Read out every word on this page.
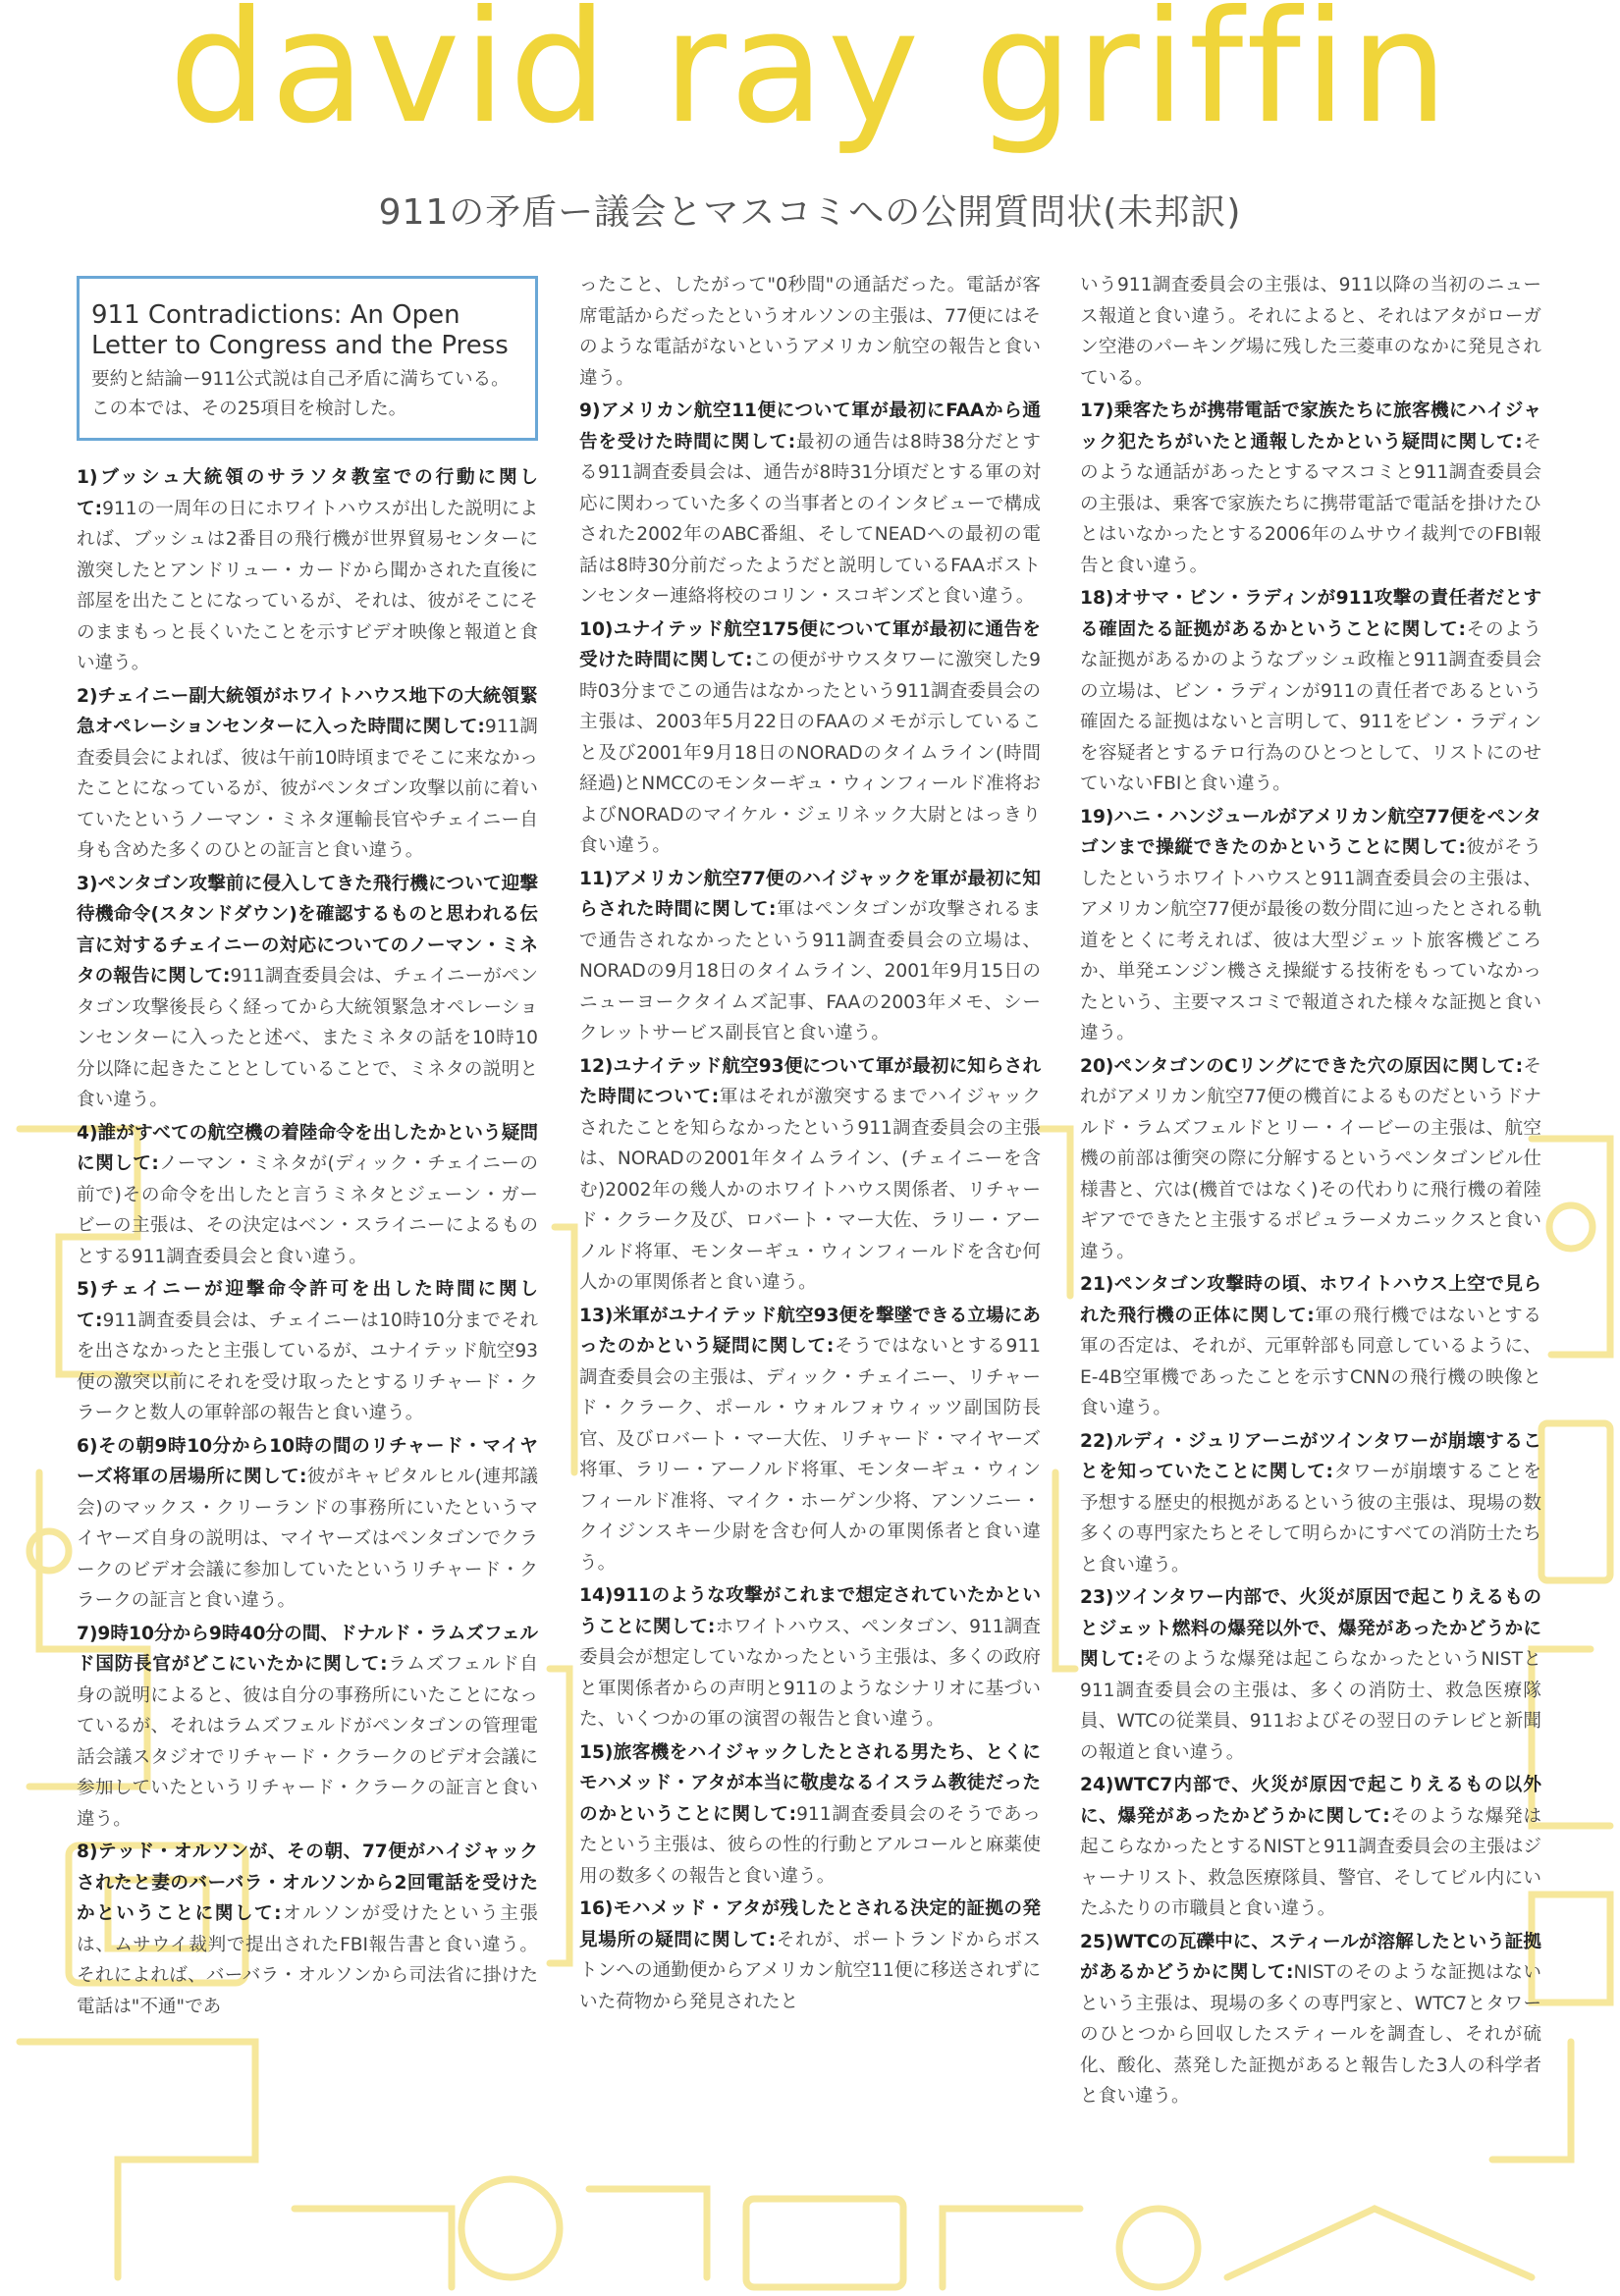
david ray griffin
911の矛盾ー議会とマスコミへの公開質問状(未邦訳)
911 Contradictions: An Open Letter to Congress and the Press
要約と結論ー911公式説は自己矛盾に満ちている。この本では、その25項目を検討した。

1)ブッシュ大統領のサラソタ教室での行動に関して:911の一周年の日にホワイトハウスが出した説明によれば、ブッシュは2番目の飛行機が世界貿易センターに激突したとアンドリュー・カードから聞かされた直後に部屋を出たことになっているが、それは、彼がそこにそのままもっと長くいたことを示すビデオ映像と報道と食い違う。

2)チェイニー副大統領がホワイトハウス地下の大統領緊急オペレーションセンターに入った時間に関して:911調査委員会によれば、彼は午前10時頃までそこに来なかったことになっているが、彼がペンタゴン攻撃以前に着いていたというノーマン・ミネタ運輸長官やチェイニー自身も含めた多くのひとの証言と食い違う。

3)ペンタゴン攻撃前に侵入してきた飛行機について迎撃待機命令(スタンドダウン)を確認するものと思われる伝言に対するチェイニーの対応についてのノーマン・ミネタの報告に関して:911調査委員会は、チェイニーがペンタゴン攻撃後長らく経ってから大統領緊急オペレーションセンターに入ったと述べ、またミネタの話を10時10分以降に起きたこととしていることで、ミネタの説明と食い違う。

4)誰がすべての航空機の着陸命令を出したかという疑問に関して:ノーマン・ミネタが(ディック・チェイニーの前で)その命令を出したと言うミネタとジェーン・ガービーの主張は、その決定はベン・スライニーによるものとする911調査委員会と食い違う。

5)チェイニーが迎撃命令許可を出した時間に関して:911調査委員会は、チェイニーは10時10分までそれを出さなかったと主張しているが、ユナイテッド航空93便の激突以前にそれを受け取ったとするリチャード・クラークと数人の軍幹部の報告と食い違う。

6)その朝9時10分から10時の間のリチャード・マイヤーズ将軍の居場所に関して:彼がキャピタルヒル(連邦議会)のマックス・クリーランドの事務所にいたというマイヤーズ自身の説明は、マイヤーズはペンタゴンでクラークのビデオ会議に参加していたというリチャード・クラークの証言と食い違う。

7)9時10分から9時40分の間、ドナルド・ラムズフェルド国防長官がどこにいたかに関して:ラムズフェルド自身の説明によると、彼は自分の事務所にいたことになっているが、それはラムズフェルドがペンタゴンの管理電話会議スタジオでリチャード・クラークのビデオ会議に参加していたというリチャード・クラークの証言と食い違う。

8)テッド・オルソンが、その朝、77便がハイジャックされたと妻のバーバラ・オルソンから2回電話を受けたかということに関して:オルソンが受けたという主張は、ムサウイ裁判で提出されたFBI報告書と食い違う。それによれば、バーバラ・オルソンから司法省に掛けた電話は"不通"であ

ったこと、したがって"0秒間"の通話だった。電話が客席電話からだったというオルソンの主張は、77便にはそのような電話がないというアメリカン航空の報告と食い違う。

9)アメリカン航空11便について軍が最初にFAAから通告を受けた時間に関して:最初の通告は8時38分だとする911調査委員会は、通告が8時31分頃だとする軍の対応に関わっていた多くの当事者とのインタビューで構成された2002年のABC番組、そしてNEADへの最初の電話は8時30分前だったようだと説明しているFAAボストンセンター連絡将校のコリン・スコギンズと食い違う。

10)ユナイテッド航空175便について軍が最初に通告を受けた時間に関して:この便がサウスタワーに激突した9時03分までこの通告はなかったという911調査委員会の主張は、2003年5月22日のFAAのメモが示していること及び2001年9月18日のNORADのタイムライン(時間経過)とNMCCのモンターギュ・ウィンフィールド准将およびNORADのマイケル・ジェリネック大尉とはっきり食い違う。

11)アメリカン航空77便のハイジャックを軍が最初に知らされた時間に関して:軍はペンタゴンが攻撃されるまで通告されなかったという911調査委員会の立場は、NORADの9月18日のタイムライン、2001年9月15日のニューヨークタイムズ記事、FAAの2003年メモ、シークレットサービス副長官と食い違う。

12)ユナイテッド航空93便について軍が最初に知らされた時間について:軍はそれが激突するまでハイジャックされたことを知らなかったという911調査委員会の主張は、NORADの2001年タイムライン、(チェイニーを含む)2002年の幾人かのホワイトハウス関係者、リチャード・クラーク及び、ロバート・マー大佐、ラリー・アーノルド将軍、モンターギュ・ウィンフィールドを含む何人かの軍関係者と食い違う。

13)米軍がユナイテッド航空93便を撃墜できる立場にあったのかという疑問に関して:そうではないとする911調査委員会の主張は、ディック・チェイニー、リチャード・クラーク、ポール・ウォルフォウィッツ副国防長官、及びロバート・マー大佐、リチャード・マイヤーズ将軍、ラリー・アーノルド将軍、モンターギュ・ウィンフィールド准将、マイク・ホーゲン少将、アンソニー・クイジンスキー少尉を含む何人かの軍関係者と食い違う。

14)911のような攻撃がこれまで想定されていたかということに関して:ホワイトハウス、ペンタゴン、911調査委員会が想定していなかったという主張は、多くの政府と軍関係者からの声明と911のようなシナリオに基づいた、いくつかの軍の演習の報告と食い違う。

15)旅客機をハイジャックしたとされる男たち、とくにモハメッド・アタが本当に敬虔なるイスラム教徒だったのかということに関して:911調査委員会のそうであったという主張は、彼らの性的行動とアルコールと麻薬使用の数多くの報告と食い違う。

16)モハメッド・アタが残したとされる決定的証拠の発見場所の疑問に関して:それが、ポートランドからボストンへの通勤便からアメリカン航空11便に移送されずにいた荷物から発見されたと

いう911調査委員会の主張は、911以降の当初のニュース報道と食い違う。それによると、それはアタがローガン空港のパーキング場に残した三菱車のなかに発見されている。

17)乗客たちが携帯電話で家族たちに旅客機にハイジャック犯たちがいたと通報したかという疑問に関して:そのような通話があったとするマスコミと911調査委員会の主張は、乗客で家族たちに携帯電話で電話を掛けたひとはいなかったとする2006年のムサウイ裁判でのFBI報告と食い違う。

18)オサマ・ビン・ラディンが911攻撃の責任者だとする確固たる証拠があるかということに関して:そのような証拠があるかのようなブッシュ政権と911調査委員会の立場は、ビン・ラディンが911の責任者であるという確固たる証拠はないと言明して、911をビン・ラディンを容疑者とするテロ行為のひとつとして、リストにのせていないFBIと食い違う。

19)ハニ・ハンジュールがアメリカン航空77便をペンタゴンまで操縦できたのかということに関して:彼がそうしたというホワイトハウスと911調査委員会の主張は、アメリカン航空77便が最後の数分間に辿ったとされる軌道をとくに考えれば、彼は大型ジェット旅客機どころか、単発エンジン機さえ操縦する技術をもっていなかったという、主要マスコミで報道された様々な証拠と食い違う。

20)ペンタゴンのCリングにできた穴の原因に関して:それがアメリカン航空77便の機首によるものだというドナルド・ラムズフェルドとリー・イービーの主張は、航空機の前部は衝突の際に分解するというペンタゴンビル仕様書と、穴は(機首ではなく)その代わりに飛行機の着陸ギアでできたと主張するポピュラーメカニックスと食い違う。

21)ペンタゴン攻撃時の頃、ホワイトハウス上空で見られた飛行機の正体に関して:軍の飛行機ではないとする軍の否定は、それが、元軍幹部も同意しているように、E-4B空軍機であったことを示すCNNの飛行機の映像と食い違う。

22)ルディ・ジュリアーニがツインタワーが崩壊することを知っていたことに関して:タワーが崩壊することを予想する歴史的根拠があるという彼の主張は、現場の数多くの専門家たちとそして明らかにすべての消防士たちと食い違う。

23)ツインタワー内部で、火災が原因で起こりえるものとジェット燃料の爆発以外で、爆発があったかどうかに関して:そのような爆発は起こらなかったというNISTと911調査委員会の主張は、多くの消防士、救急医療隊員、WTCの従業員、911およびその翌日のテレビと新聞の報道と食い違う。

24)WTC7内部で、火災が原因で起こりえるもの以外に、爆発があったかどうかに関して:そのような爆発は起こらなかったとするNISTと911調査委員会の主張はジャーナリスト、救急医療隊員、警官、そしてビル内にいたふたりの市職員と食い違う。

25)WTCの瓦礫中に、スティールが溶解したという証拠があるかどうかに関して:NISTのそのような証拠はないという主張は、現場の多くの専門家と、WTC7とタワーのひとつから回収したスティールを調査し、それが硫化、酸化、蒸発した証拠があると報告した3人の科学者と食い違う。
